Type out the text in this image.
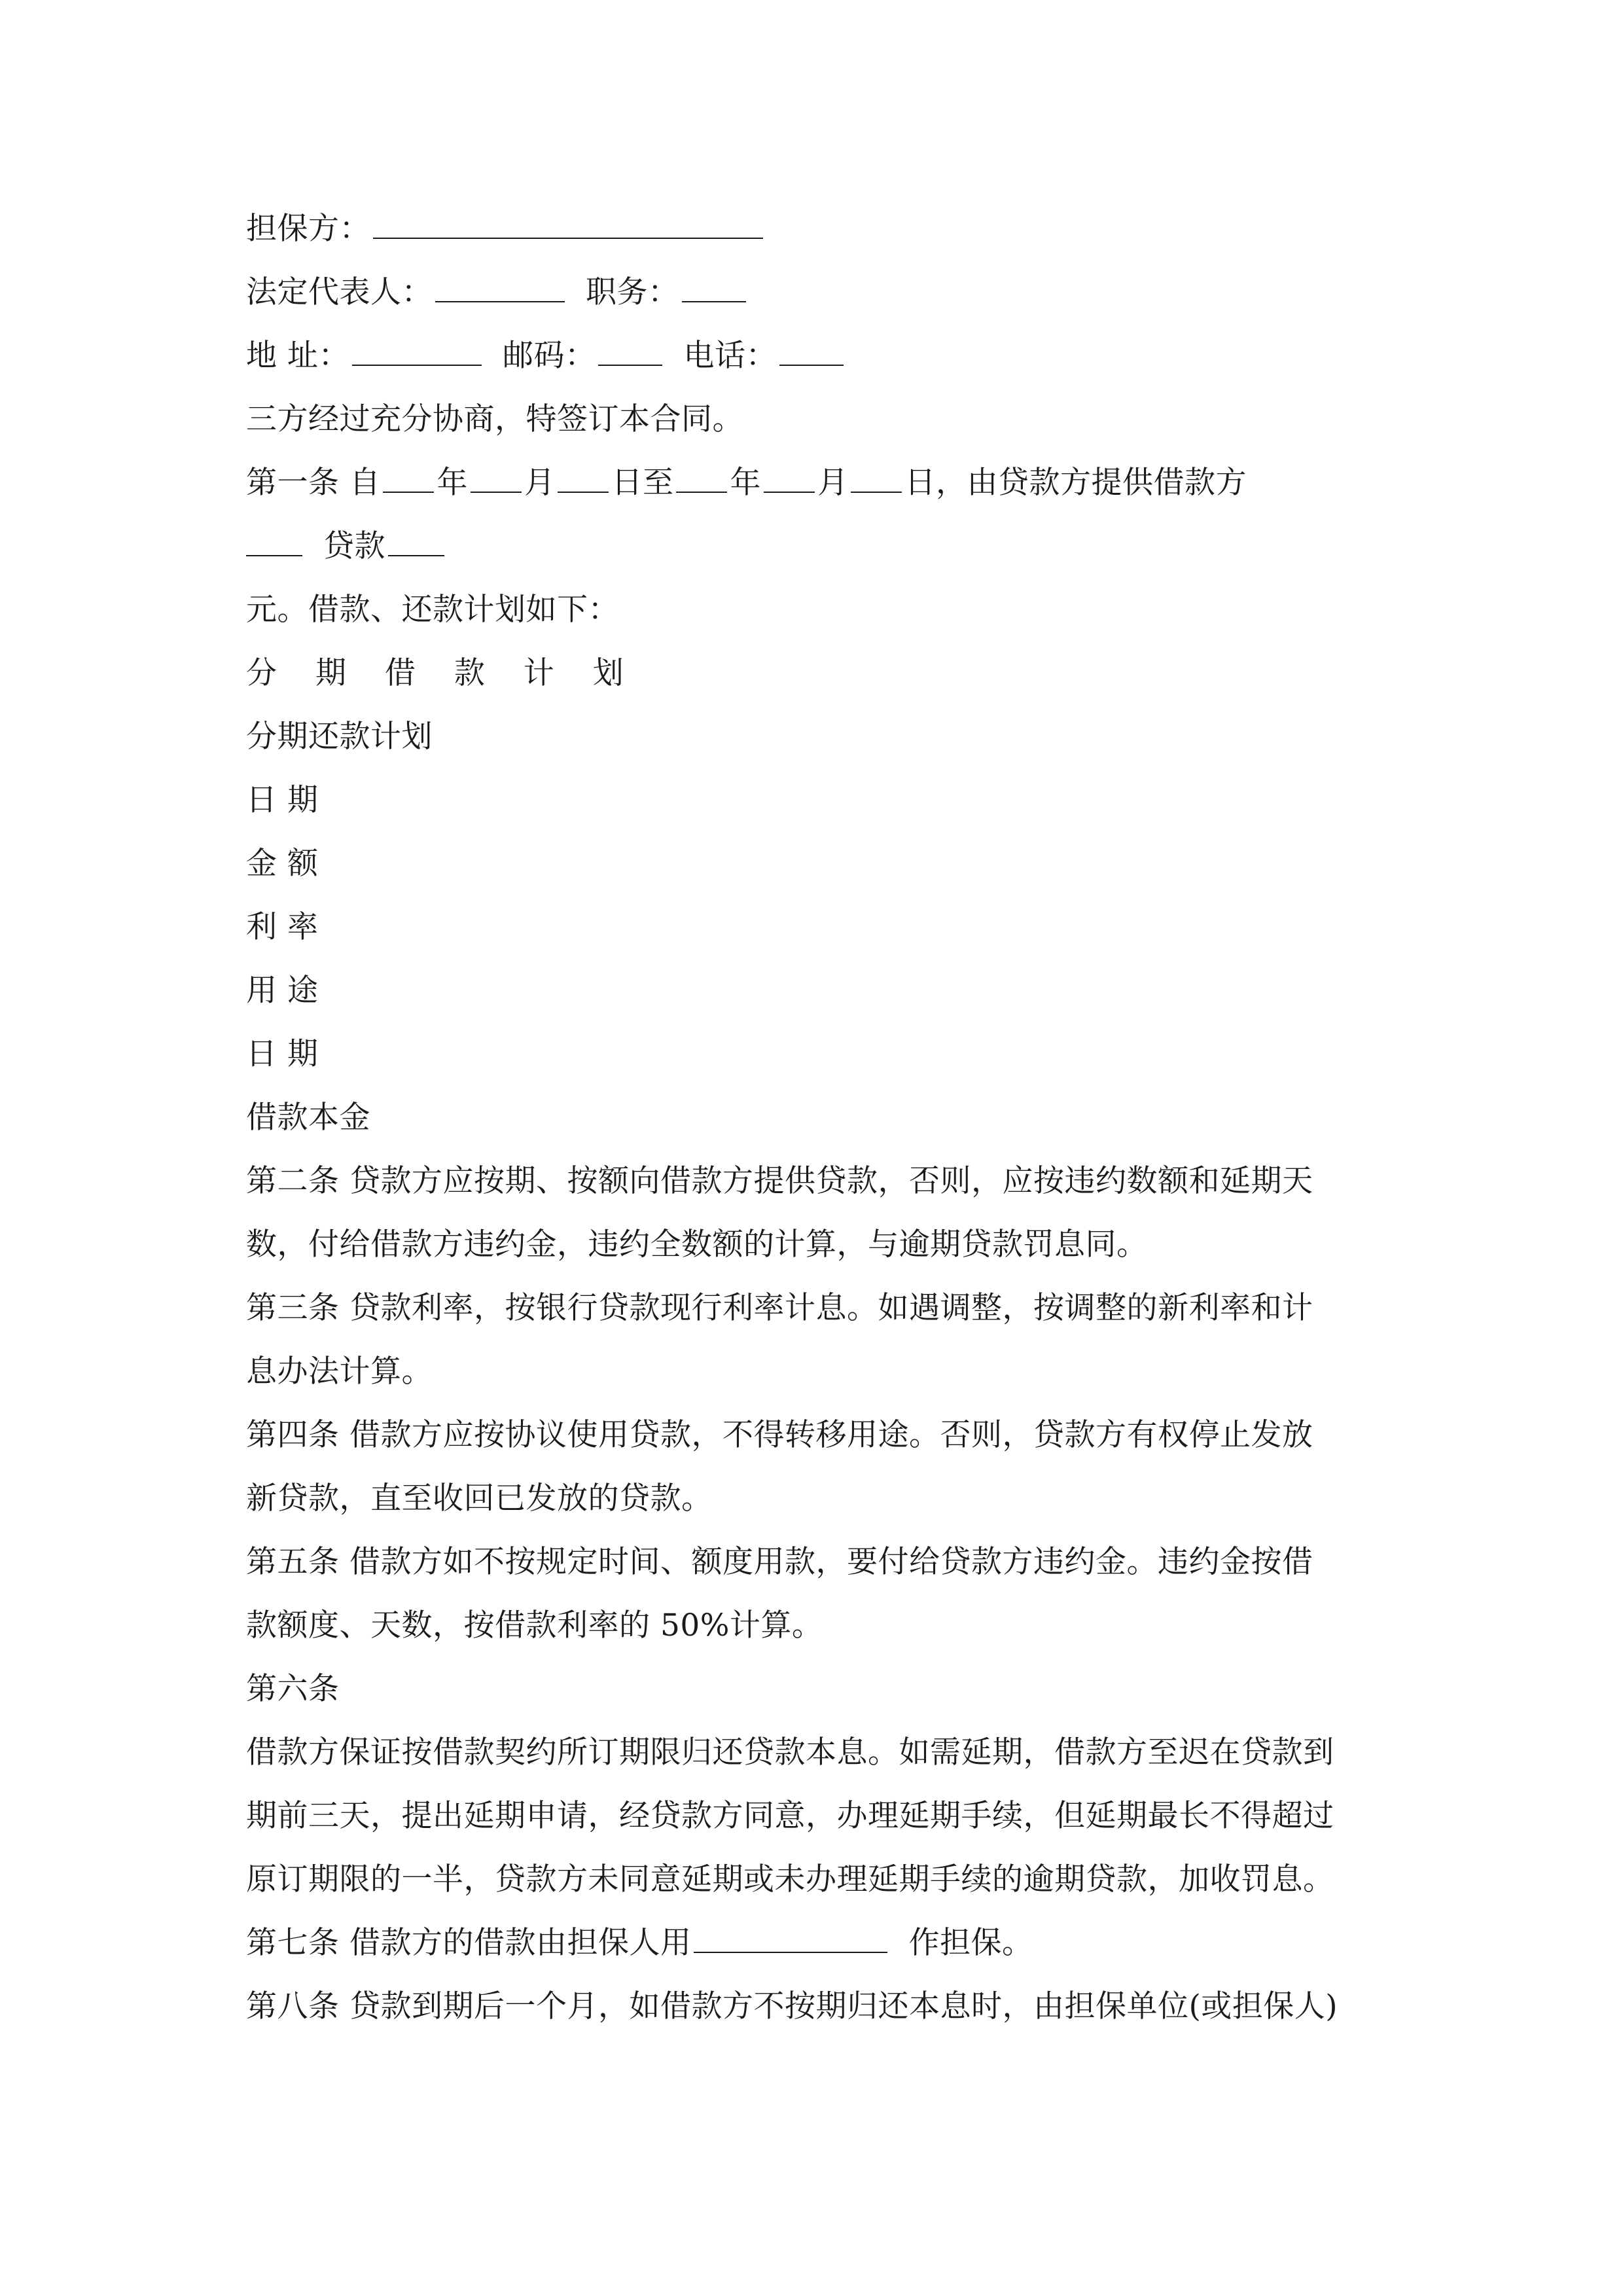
担保方：
法定代表人：	职务：
地 址：	邮码：	电话：
三方经过充分协商，特签订本合同。
第一条 自 年 月 日至 年 月 日，由贷款方提供借款方
贷款
元。借款、还款计划如下：
分 期 借 款 计 划
分期还款计划
日 期
金 额
利 率
用 途
日 期
借款本金
第二条 贷款方应按期、按额向借款方提供贷款，否则，应按违约数额和延期天
数，付给借款方违约金，违约全数额的计算，与逾期贷款罚息同。
第三条 贷款利率，按银行贷款现行利率计息。如遇调整，按调整的新利率和计
息办法计算。
第四条 借款方应按协议使用贷款，不得转移用途。否则，贷款方有权停止发放
新贷款，直至收回已发放的贷款。
第五条 借款方如不按规定时间、额度用款，要付给贷款方违约金。违约金按借
款额度、天数，按借款利率的 50%计算。
第六条
借款方保证按借款契约所订期限归还贷款本息。如需延期，借款方至迟在贷款到
期前三天，提出延期申请，经贷款方同意，办理延期手续，但延期最长不得超过
原订期限的一半，贷款方未同意延期或未办理延期手续的逾期贷款，加收罚息。
第七条 借款方的借款由担保人用	作担保。
第八条 贷款到期后一个月，如借款方不按期归还本息时，由担保单位(或担保人)
